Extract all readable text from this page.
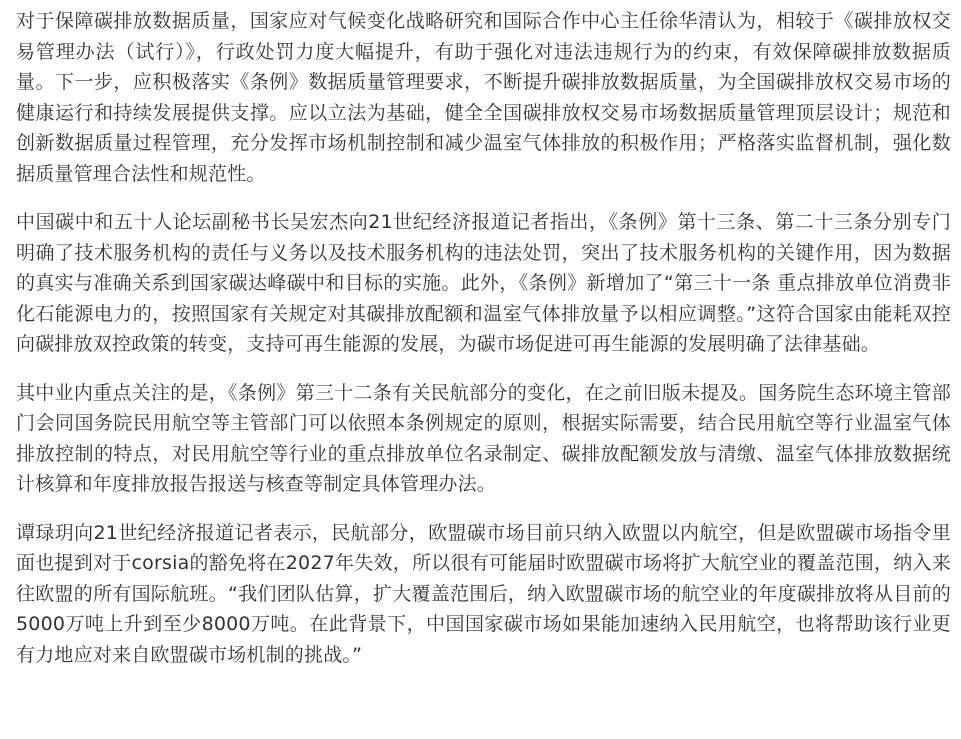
对于保障碳排放数据质量，国家应对气候变化战略研究和国际合作中心主任徐华清认为，相较于《碳排放权交易管理办法（试行）》，行政处罚力度大幅提升，有助于强化对违法违规行为的约束，有效保障碳排放数据质量。下一步，应积极落实《条例》数据质量管理要求，不断提升碳排放数据质量，为全国碳排放权交易市场的健康运行和持续发展提供支撑。应以立法为基础，健全全国碳排放权交易市场数据质量管理顶层设计；规范和创新数据质量过程管理，充分发挥市场机制控制和减少温室气体排放的积极作用；严格落实监督机制，强化数据质量管理合法性和规范性。

中国碳中和五十人论坛副秘书长吴宏杰向21世纪经济报道记者指出，《条例》第十三条、第二十三条分别专门明确了技术服务机构的责任与义务以及技术服务机构的违法处罚，突出了技术服务机构的关键作用，因为数据的真实与准确关系到国家碳达峰碳中和目标的实施。此外，《条例》新增加了“第三十一条 重点排放单位消费非化石能源电力的，按照国家有关规定对其碳排放配额和温室气体排放量予以相应调整。”这符合国家由能耗双控向碳排放双控政策的转变，支持可再生能源的发展，为碳市场促进可再生能源的发展明确了法律基础。

其中业内重点关注的是，《条例》第三十二条有关民航部分的变化，在之前旧版未提及。国务院生态环境主管部门会同国务院民用航空等主管部门可以依照本条例规定的原则，根据实际需要，结合民用航空等行业温室气体排放控制的特点，对民用航空等行业的重点排放单位名录制定、碳排放配额发放与清缴、温室气体排放数据统计核算和年度排放报告报送与核查等制定具体管理办法。

谭琭玥向21世纪经济报道记者表示，民航部分，欧盟碳市场目前只纳入欧盟以内航空，但是欧盟碳市场指令里面也提到对于corsia的豁免将在2027年失效，所以很有可能届时欧盟碳市场将扩大航空业的覆盖范围，纳入来往欧盟的所有国际航班。“我们团队估算，扩大覆盖范围后，纳入欧盟碳市场的航空业的年度碳排放将从目前的5000万吨上升到至少8000万吨。在此背景下，中国国家碳市场如果能加速纳入民用航空，也将帮助该行业更有力地应对来自欧盟碳市场机制的挑战。”
